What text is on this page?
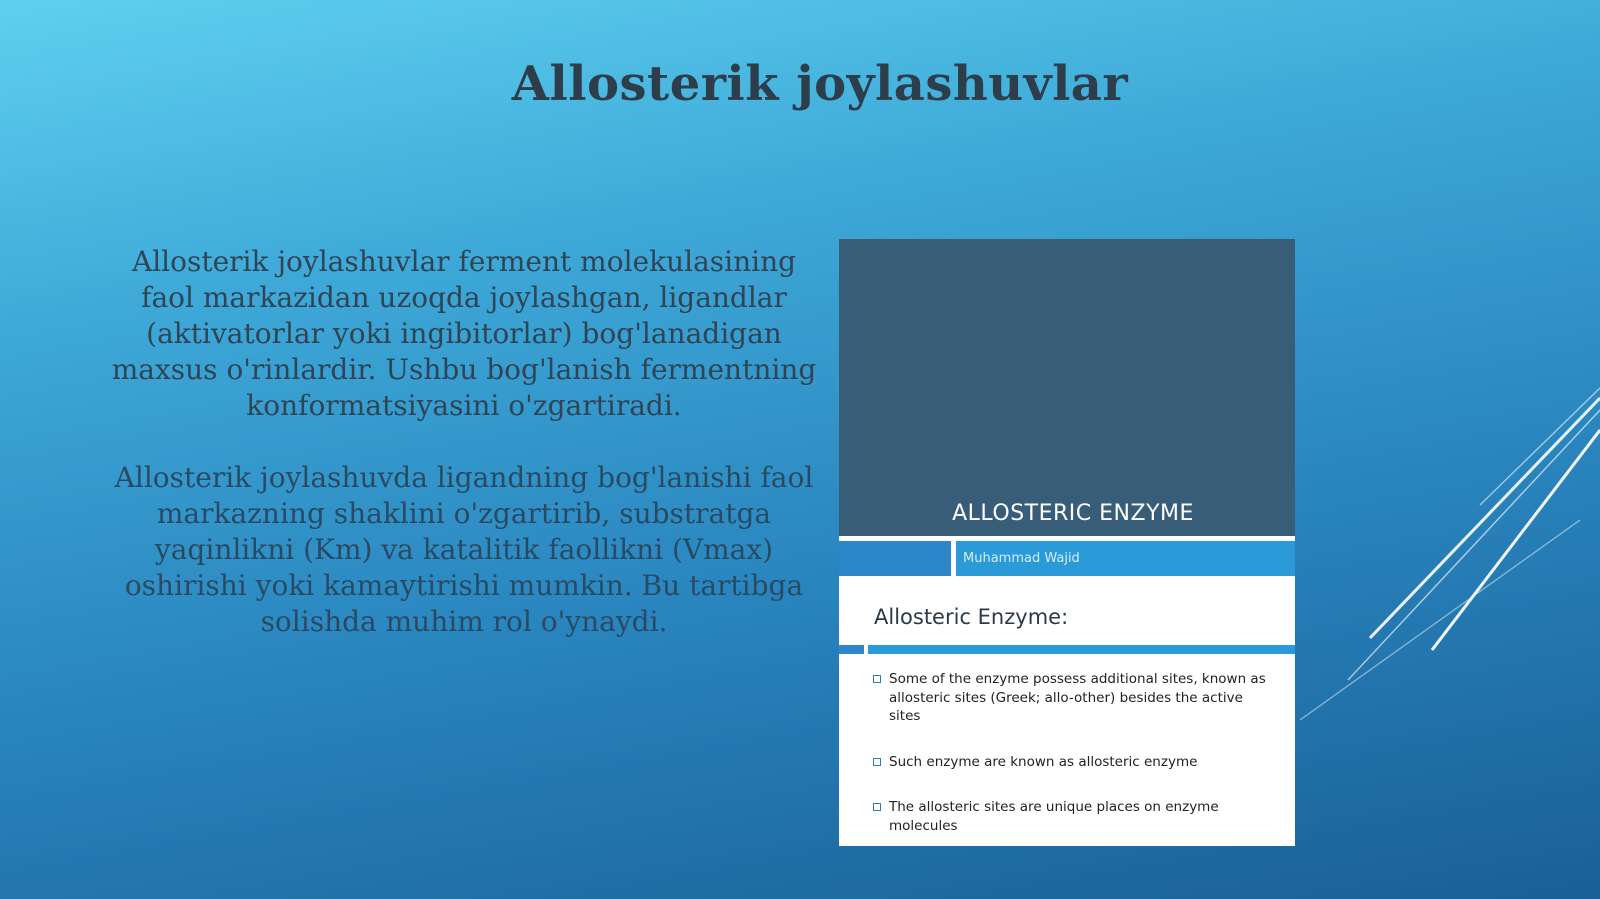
Allosterik joylashuvlar

Allosterik joylashuvlar ferment molekulasining faol markazidan uzoqda joylashgan, ligandlar (aktivatorlar yoki ingibitorlar) bog'lanadigan maxsus o'rinlardir. Ushbu bog'lanish fermentning konformatsiyasini o'zgartiradi.

Allosterik joylashuvda ligandning bog'lanishi faol markazning shaklini o'zgartirib, substratga yaqinlikni (Km) va katalitik faollikni (Vmax) oshirishi yoki kamaytirishi mumkin. Bu tartibga solishda muhim rol o'ynaydi.

ALLOSTERIC ENZYME
Muhammad Wajid
Allosteric Enzyme:
Some of the enzyme possess additional sites, known as allosteric sites (Greek; allo-other) besides the active sites
Such enzyme are known as allosteric enzyme
The allosteric sites are unique places on enzyme molecules
